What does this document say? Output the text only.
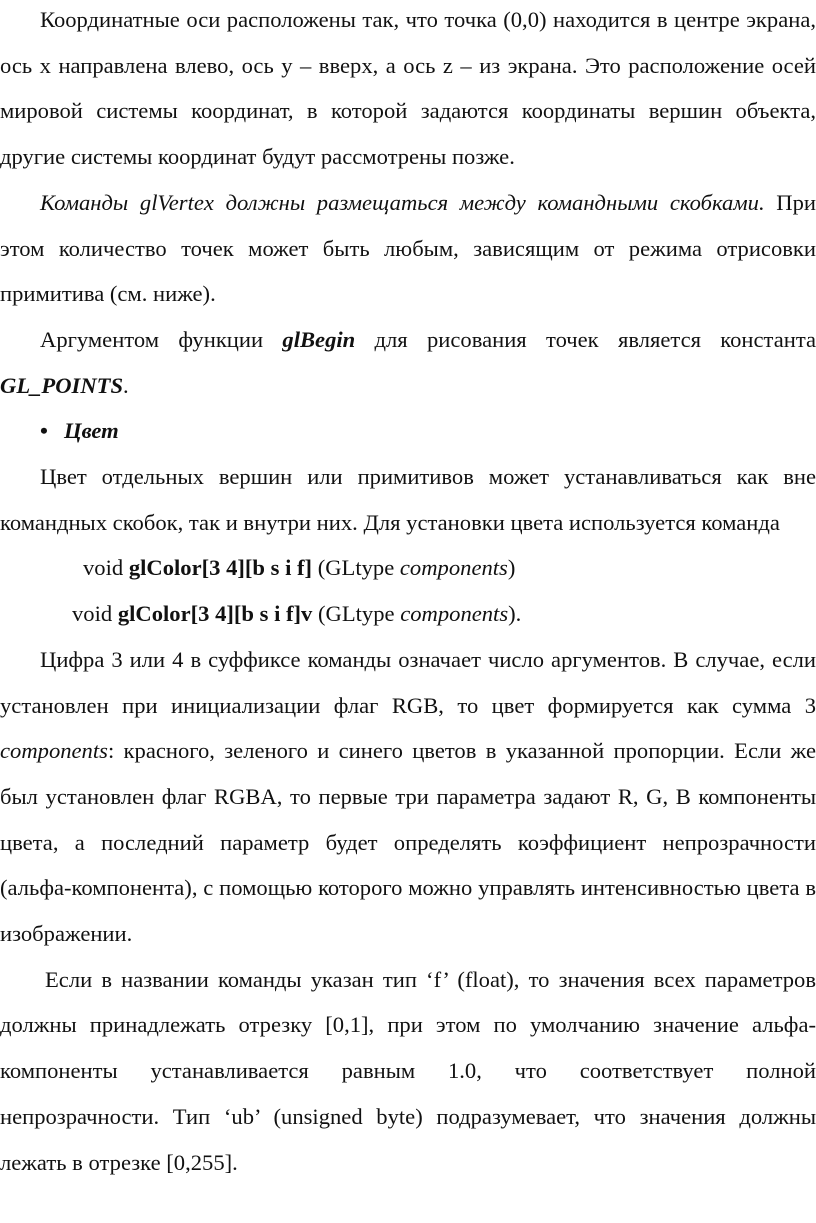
Координатные оси расположены так, что точка (0,0) находится в центре экрана, ось x направлена влево, ось y – вверх, а ось z – из экрана. Это расположение осей мировой системы координат, в которой задаются координаты вершин объекта, другие системы координат будут рассмотрены позже.

Команды glVertex должны размещаться между командными скобками. При этом количество точек может быть любым, зависящим от режима отрисовки примитива (см. ниже).

Аргументом функции glBegin для рисования точек является константа GL_POINTS.

• Цвет

Цвет отдельных вершин или примитивов может устанавливаться как вне командных скобок, так и внутри них. Для установки цвета используется команда

void glColor[3 4][b s i f] (GLtype components)

void glColor[3 4][b s i f]v (GLtype components).

Цифра 3 или 4 в суффиксе команды означает число аргументов. В случае, если установлен при инициализации флаг RGB, то цвет формируется как сумма 3 components: красного, зеленого и синего цветов в указанной пропорции. Если же был установлен флаг RGBA, то первые три параметра задают R, G, B компоненты цвета, а последний параметр будет определять коэффициент непрозрачности (альфа-компонента), с помощью которого можно управлять интенсивностью цвета в изображении.

Если в названии команды указан тип ‘f’ (float), то значения всех параметров должны принадлежать отрезку [0,1], при этом по умолчанию значение альфа-компоненты устанавливается равным 1.0, что соответствует полной непрозрачности. Тип ‘ub’ (unsigned byte) подразумевает, что значения должны лежать в отрезке [0,255].
